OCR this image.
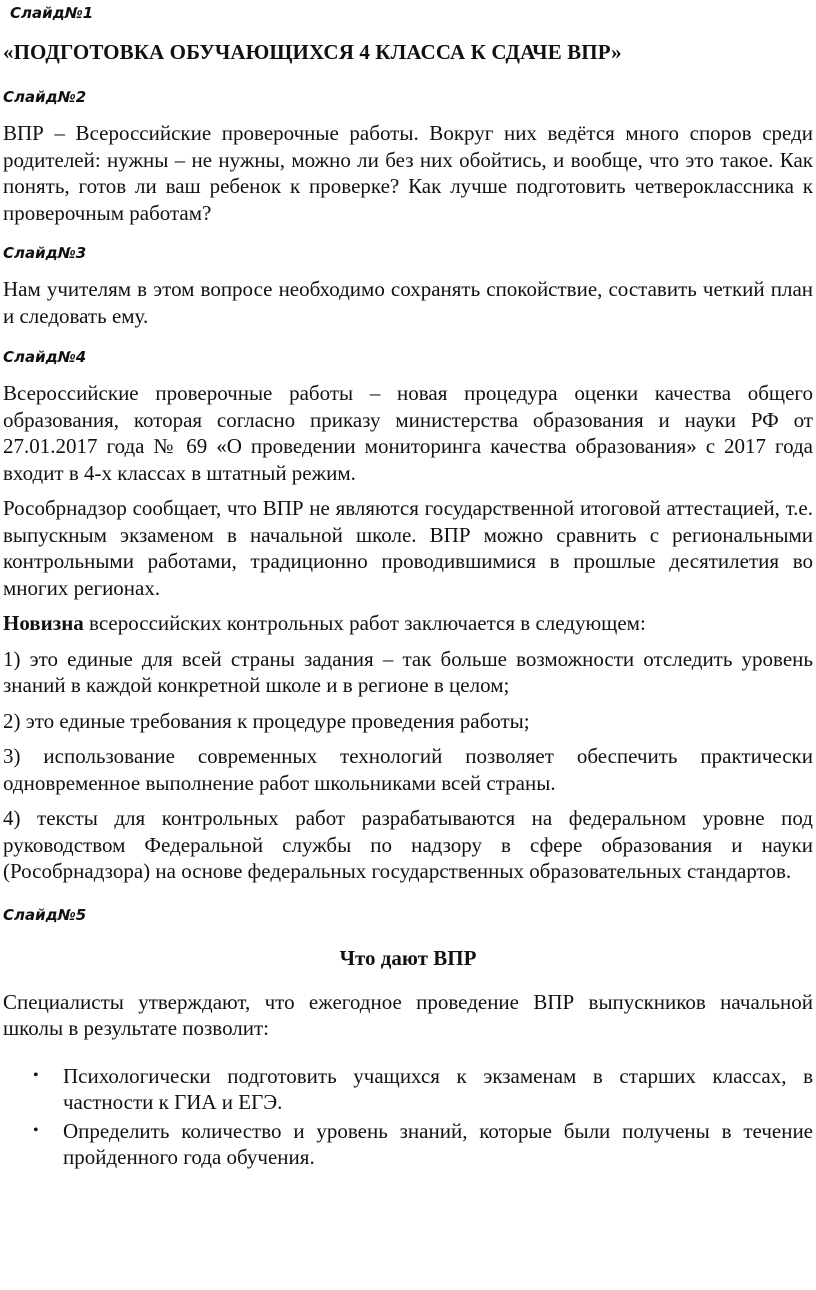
Слайд№1
«ПОДГОТОВКА ОБУЧАЮЩИХСЯ 4 КЛАССА К СДАЧЕ ВПР»
Слайд№2

ВПР – Всероссийские проверочные работы. Вокруг них ведётся много споров среди родителей: нужны – не нужны, можно ли без них обойтись, и вообще, что это такое. Как понять, готов ли ваш ребенок к проверке? Как лучше подготовить четвероклассника к проверочным работам?

Слайд№3

Нам учителям в этом вопросе необходимо сохранять спокойствие, составить четкий план и следовать ему.

Слайд№4

Всероссийские проверочные работы – новая процедура оценки качества общего образования, которая согласно приказу министерства образования и науки РФ от 27.01.2017 года № 69 «О проведении мониторинга качества образования» с 2017 года входит в 4-х классах в штатный режим.

Рособрнадзор сообщает, что ВПР не являются государственной итоговой аттестацией, т.е. выпускным экзаменом в начальной школе. ВПР можно сравнить с региональными контрольными работами, традиционно проводившимися в прошлые десятилетия во многих регионах.

Новизна всероссийских контрольных работ заключается в следующем:

1) это единые для всей страны задания – так больше возможности отследить уровень знаний в каждой конкретной школе и в регионе в целом;

2) это единые требования к процедуре проведения работы;

3) использование современных технологий позволяет обеспечить практически одновременное выполнение работ школьниками всей страны.

4) тексты для контрольных работ разрабатываются на федеральном уровне под руководством Федеральной службы по надзору в сфере образования и науки (Рособрнадзора) на основе федеральных государственных образовательных стандартов.

Слайд№5
Что дают ВПР

Специалисты утверждают, что ежегодное проведение ВПР выпускников начальной школы в результате позволит:

• Психологически подготовить учащихся к экзаменам в старших классах, в частности к ГИА и ЕГЭ.
• Определить количество и уровень знаний, которые были получены в течение пройденного года обучения.
